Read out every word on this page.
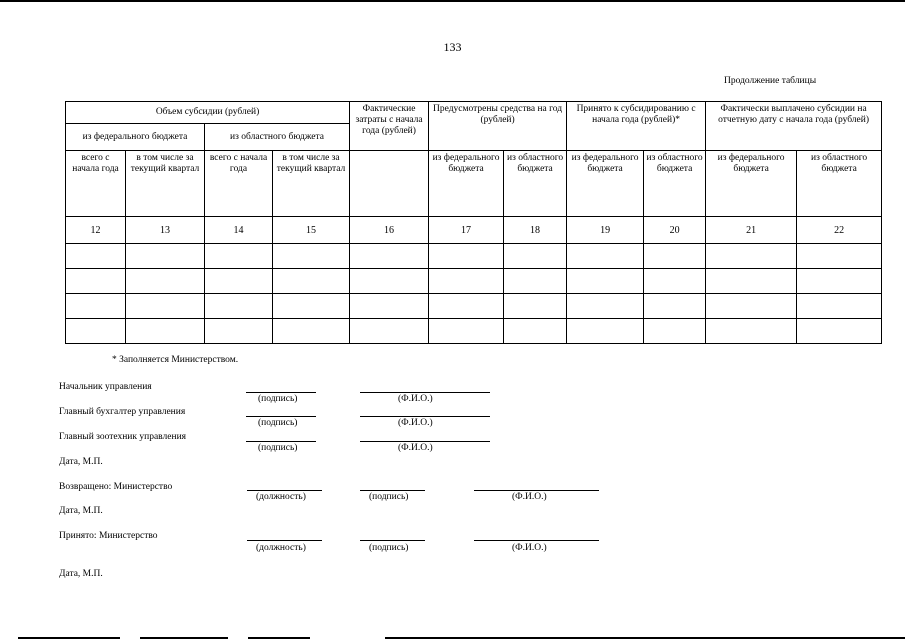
133
Продолжение таблицы
Объем субсидии (рублей)				Фактические затраты с начала года (рублей)	Предусмотрены средства на год (рублей)		Принято к субсидированию с начала года (рублей)*		Фактически выплачено субсидии на отчетную дату с начала года (рублей)	
из федерального бюджета		из областного бюджета								
всего с начала года	в том числе за текущий квартал	всего с начала года	в том числе за текущий квартал		из федерального бюджета	из областного бюджета	из федерального бюджета	из областного бюджета	из федерального бюджета	из областного бюджета
12	13	14	15	16	17	18	19	20	21	22

* Заполняется Министерством.
Начальник управления
(подпись)	(Ф.И.О.)
Главный бухгалтер управления
(подпись)	(Ф.И.О.)
Главный зоотехник управления
(подпись)	(Ф.И.О.)
Дата, М.П.
Возвращено: Министерство
(должность)	(подпись)	(Ф.И.О.)
Дата, М.П.
Принято: Министерство
(должность)	(подпись)	(Ф.И.О.)
Дата, М.П.
